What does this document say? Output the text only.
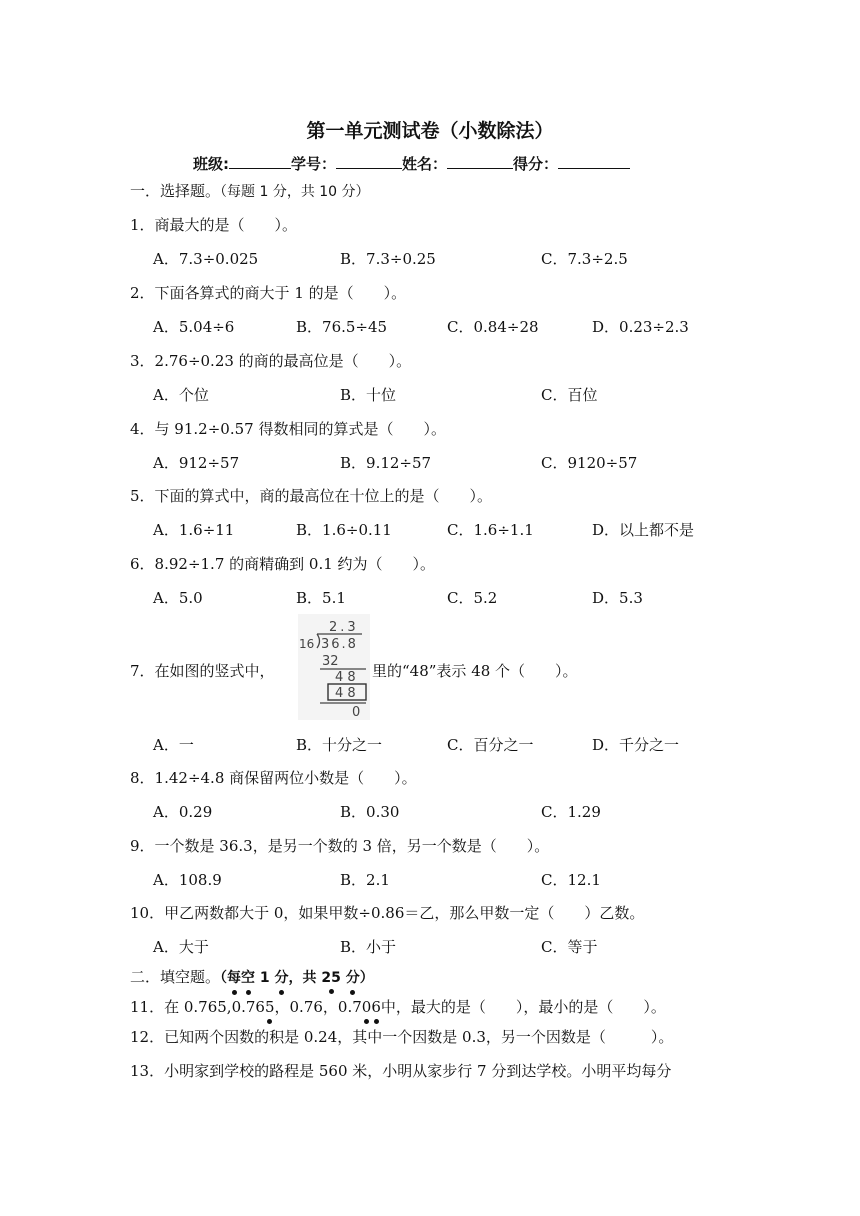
第一单元测试卷（小数除法）
班级:	学号：	姓名：	得分：
一．选择题。（每题 1 分，共 10 分）
1．商最大的是（　　）。
A．7.3÷0.025	B．7.3÷0.25	C．7.3÷2.5
2．下面各算式的商大于 1 的是（　　）。
A．5.04÷6	B．76.5÷45	C．0.84÷28	D．0.23÷2.3
3．2.76÷0.23 的商的最高位是（　　）。
A．个位	B．十位	C．百位
4．与 91.2÷0.57 得数相同的算式是（　　）。
A．912÷57	B．9.12÷57	C．9120÷57
5．下面的算式中，商的最高位在十位上的是（　　）。
A．1.6÷11	B．1.6÷0.11	C．1.6÷1.1	D．以上都不是
6．8.92÷1.7 的商精确到 0.1 约为（　　）。
A．5.0	B．5.1	C．5.2	D．5.3
7．在如图的竖式中，
2.3
16 36.8
32
4 8
4 8
0
里的“48”表示 48 个（　　）。
A．一	B．十分之一	C．百分之一	D．千分之一
8．1.42÷4.8 商保留两位小数是（　　）。
A．0.29	B．0.30	C．1.29
9．一个数是 36.3，是另一个数的 3 倍，另一个数是（　　）。
A．108.9	B．2.1	C．12.1
10．甲乙两数都大于 0，如果甲数÷0.86＝乙，那么甲数一定（　　）乙数。
A．大于	B．小于	C．等于
二．填空题。（每空 1 分，共 25 分）
11．在 0.765,0.765，0.76，0.706中，最大的是（　　），最小的是（　　）。
12．已知两个因数的积是 0.24，其中一个因数是 0.3，另一个因数是（　　　）。
13．小明家到学校的路程是 560 米，小明从家步行 7 分到达学校。小明平均每分
